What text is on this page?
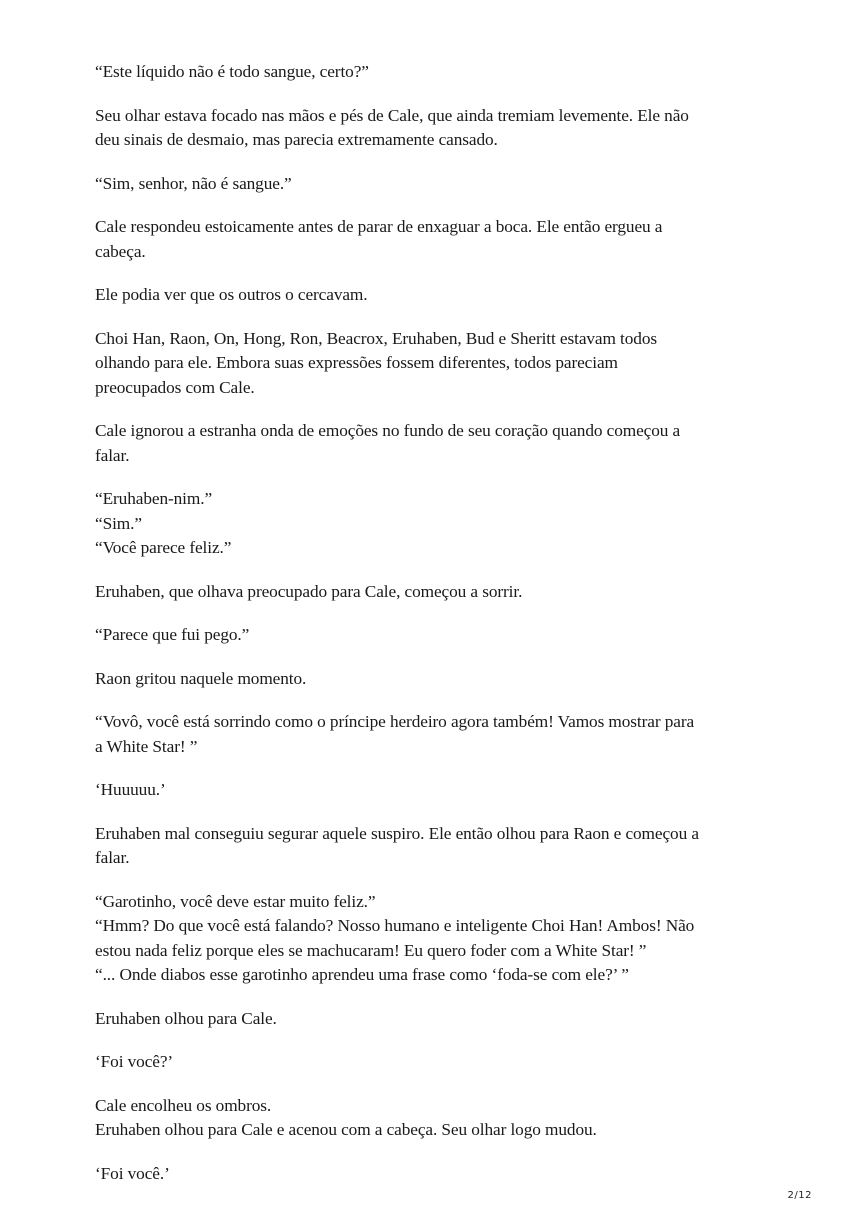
“Este líquido não é todo sangue, certo?”

Seu olhar estava focado nas mãos e pés de Cale, que ainda tremiam levemente. Ele não
deu sinais de desmaio, mas parecia extremamente cansado.

“Sim, senhor, não é sangue.”

Cale respondeu estoicamente antes de parar de enxaguar a boca. Ele então ergueu a
cabeça.

Ele podia ver que os outros o cercavam.

Choi Han, Raon, On, Hong, Ron, Beacrox, Eruhaben, Bud e Sheritt estavam todos
olhando para ele. Embora suas expressões fossem diferentes, todos pareciam
preocupados com Cale.

Cale ignorou a estranha onda de emoções no fundo de seu coração quando começou a
falar.

“Eruhaben-nim.”
“Sim.”
“Você parece feliz.”

Eruhaben, que olhava preocupado para Cale, começou a sorrir.

“Parece que fui pego.”

Raon gritou naquele momento.

“Vovô, você está sorrindo como o príncipe herdeiro agora também! Vamos mostrar para
a White Star! ”

‘Huuuuu.’

Eruhaben mal conseguiu segurar aquele suspiro. Ele então olhou para Raon e começou a
falar.

“Garotinho, você deve estar muito feliz.”
“Hmm? Do que você está falando? Nosso humano e inteligente Choi Han! Ambos! Não
estou nada feliz porque eles se machucaram! Eu quero foder com a White Star! ”
“... Onde diabos esse garotinho aprendeu uma frase como ‘foda-se com ele?’ ”

Eruhaben olhou para Cale.

‘Foi você?’

Cale encolheu os ombros.
Eruhaben olhou para Cale e acenou com a cabeça. Seu olhar logo mudou.

‘Foi você.’

2/12
